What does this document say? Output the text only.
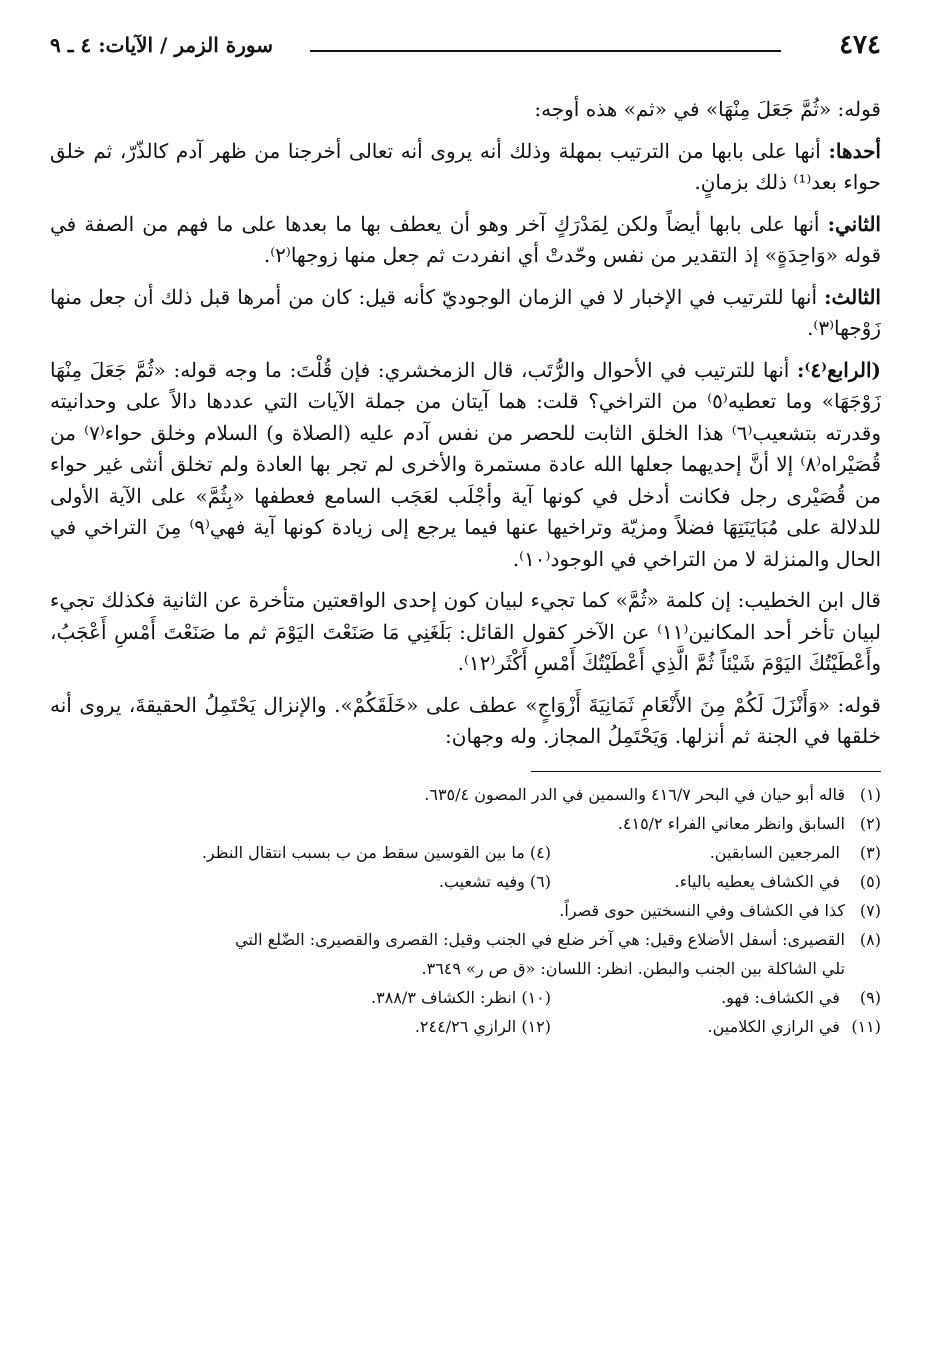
٤٧٤
سورة الزمر / الآيات: ٤ ـ ٩

قوله: «ثُمَّ جَعَلَ مِنْهَا» في «ثم» هذه أوجه:

أحدها: أنها على بابها من الترتيب بمهلة وذلك أنه يروى أنه تعالى أخرجنا من ظهر آدم كالذّرّ، ثم خلق حواء بعد⁽¹⁾ ذلك بزمانٍ.

الثاني: أنها على بابها أيضاً ولكن لِمَدْرَكٍ آخر وهو أن يعطف بها ما بعدها على ما فهم من الصفة في قوله «وَاحِدَةٍ» إذ التقدير من نفس وحّدتْ أي انفردت ثم جعل منها زوجها⁽٢⁾.

الثالث: أنها للترتيب في الإخبار لا في الزمان الوجوديّ كأنه قيل: كان من أمرها قبل ذلك أن جعل منها زَوْجها⁽٣⁾.

(الرابع⁽٤⁾: أنها للترتيب في الأحوال والرُّتَب، قال الزمخشري: فإن قُلْتَ: ما وجه قوله: «ثُمَّ جَعَلَ مِنْهَا زَوْجَهَا» وما تعطيه⁽٥⁾ من التراخي؟ قلت: هما آيتان من جملة الآيات التي عددها دالاً على وحدانيته وقدرته بتشعيب⁽٦⁾ هذا الخلق الثابت للحصر من نفس آدم عليه (الصلاة و) السلام وخلق حواء⁽٧⁾ من قُصَيْراه⁽٨⁾ إلا أنَّ إحديهما جعلها الله عادة مستمرة والأخرى لم تجر بها العادة ولم تخلق أنثى غير حواء من قُصَيْرى رجل فكانت أدخل في كونها آية وأجْلَب لعَجَب السامع فعطفها «بِثُمَّ» على الآية الأولى للدلالة على مُبَايَنَتِهَا فضلاً ومزيّة وتراخيها عنها فيما يرجع إلى زيادة كونها آية فهي⁽٩⁾ مِنَ التراخي في الحال والمنزلة لا من التراخي في الوجود⁽١٠⁾.

قال ابن الخطيب: إن كلمة «ثُمَّ» كما تجيء لبيان كون إحدى الواقعتين متأخرة عن الثانية فكذلك تجيء لبيان تأخر أحد المكانين⁽١١⁾ عن الآخر كقول القائل: بَلَغَنِي مَا صَنَعْتَ اليَوْمَ ثم ما صَنَعْتَ أَمْسِ أَعْجَبُ، وأَعْطَيْتُكَ اليَوْمَ شَيْئاً ثُمَّ الَّذِي أَعْطَيْتُكَ أَمْسِ أَكْثَر⁽١٢⁾.

قوله: «وَأَنْزَلَ لَكُمْ مِنَ الأَنْعَامِ ثَمَانِيَةَ أَزْوَاجٍ» عطف على «خَلَقَكُمْ». والإنزال يَحْتَمِلُ الحقيقةَ، يروى أنه خلقها في الجنة ثم أنزلها. وَيَحْتَمِلُ المجاز. وله وجهان:

(١)
قاله أبو حيان في البحر ٤١٦/٧ والسمين في الدر المصون ٦٣٥/٤.
(٢)
السابق وانظر معاني الفراء ٤١٥/٢.
(٣) المرجعين السابقين.
(٤) ما بين القوسين سقط من ب بسبب انتقال النظر.
(٥) في الكشاف يعطيه بالياء.
(٦) وفيه تشعيب.
(٧)
كذا في الكشاف وفي النسختين حوى قصراً.
(٨)
القصيرى: أسفل الأضلاع وقيل: هي آخر ضلع في الجنب وقيل: القصرى والقصيرى: الضّلع التي
تلي الشاكلة بين الجنب والبطن. انظر: اللسان: «ق ص ر» ٣٦٤٩.
(٩) في الكشاف: فهو.
(١٠) انظر: الكشاف ٣٨٨/٣.
(١١) في الرازي الكلامين.
(١٢) الرازي ٢٤٤/٢٦.
